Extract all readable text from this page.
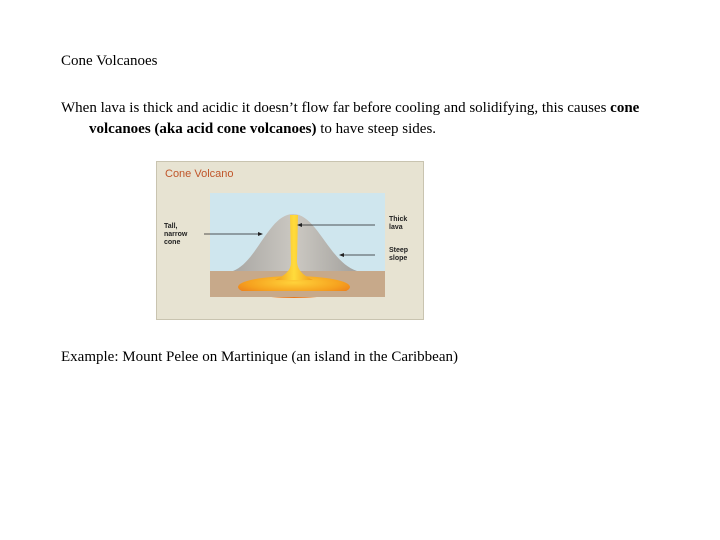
Cone Volcanoes
When lava is thick and acidic it doesn’t flow far before cooling and solidifying, this causes cone volcanoes (aka acid cone volcanoes) to have steep sides.
Cone Volcano
Tall,
narrow
cone
Thick
lava
Steep
slope
Example: Mount Pelee on Martinique (an island in the Caribbean)
